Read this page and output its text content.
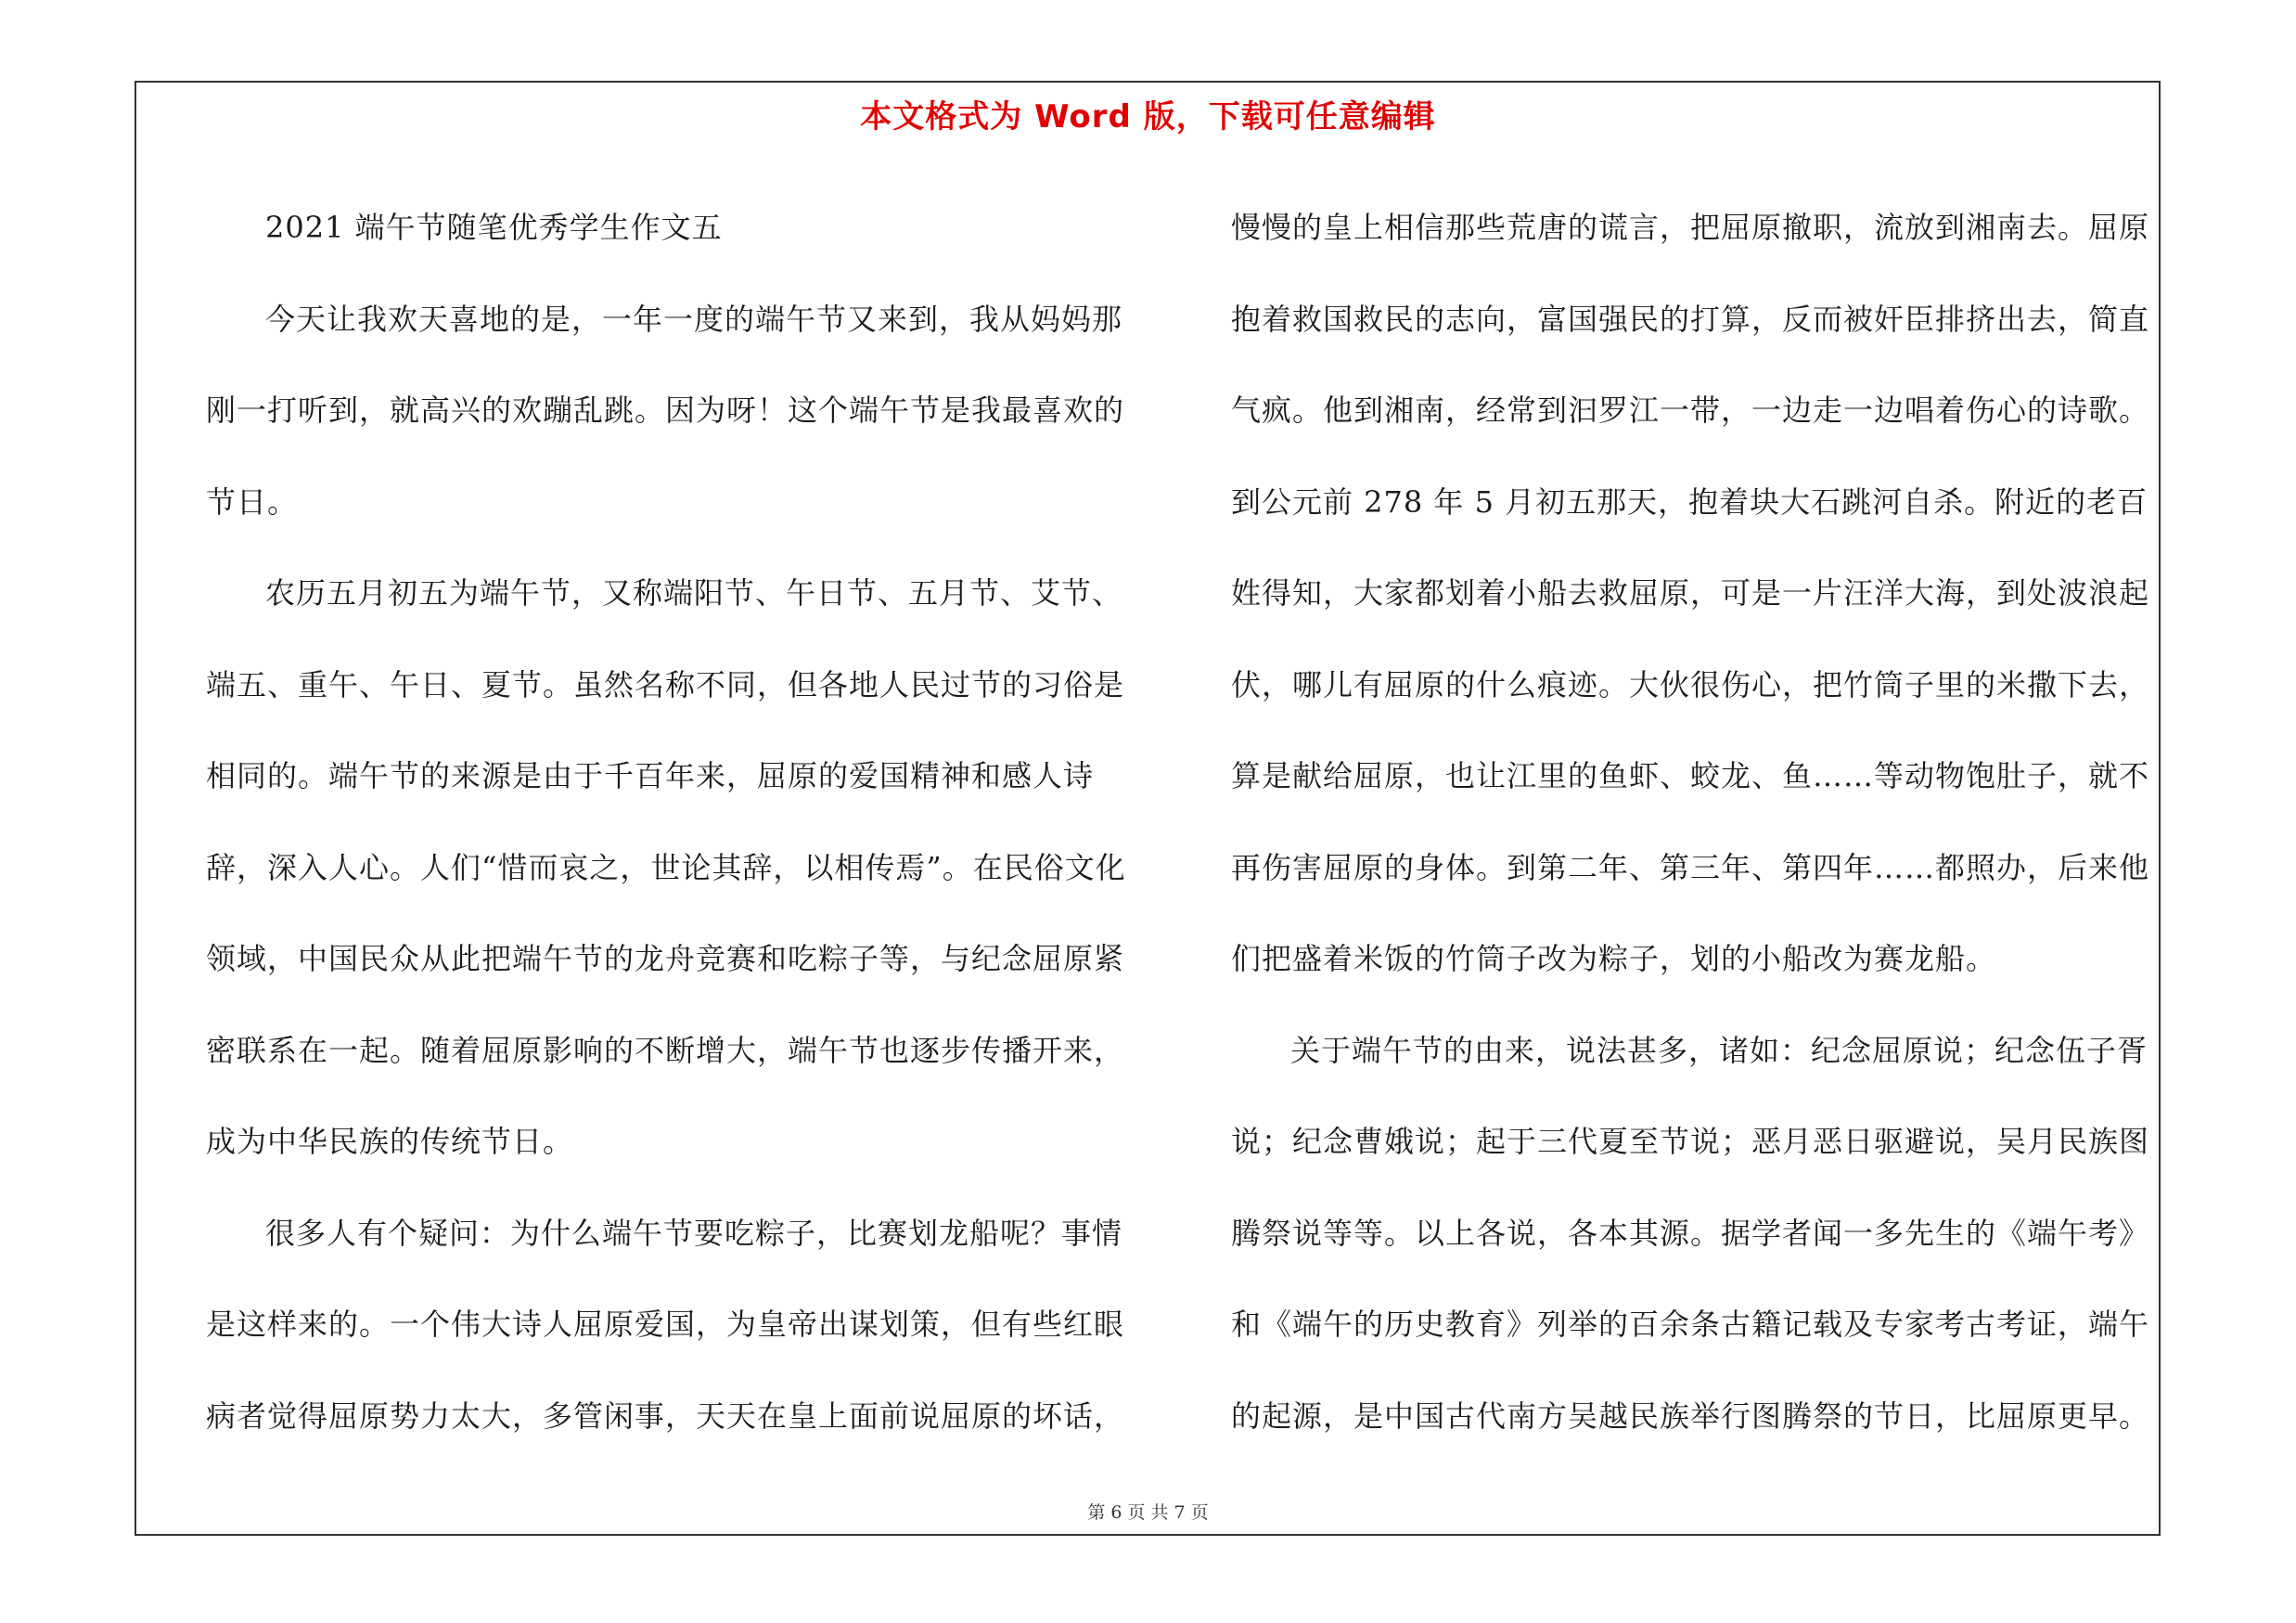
本文格式为 Word 版，下载可任意编辑

2021 端午节随笔优秀学生作文五

今天让我欢天喜地的是，一年一度的端午节又来到，我从妈妈那刚一打听到，就高兴的欢蹦乱跳。因为呀！这个端午节是我最喜欢的节日。

农历五月初五为端午节，又称端阳节、午日节、五月节、艾节、端五、重午、午日、夏节。虽然名称不同，但各地人民过节的习俗是相同的。端午节的来源是由于千百年来，屈原的爱国精神和感人诗辞，深入人心。人们“惜而哀之，世论其辞，以相传焉”。在民俗文化领域，中国民众从此把端午节的龙舟竞赛和吃粽子等，与纪念屈原紧密联系在一起。随着屈原影响的不断增大，端午节也逐步传播开来，成为中华民族的传统节日。

很多人有个疑问：为什么端午节要吃粽子，比赛划龙船呢？事情是这样来的。一个伟大诗人屈原爱国，为皇帝出谋划策，但有些红眼病者觉得屈原势力太大，多管闲事，天天在皇上面前说屈原的坏话，

慢慢的皇上相信那些荒唐的谎言，把屈原撤职，流放到湘南去。屈原抱着救国救民的志向，富国强民的打算，反而被奸臣排挤出去，简直气疯。他到湘南，经常到汩罗江一带，一边走一边唱着伤心的诗歌。到公元前 278 年 5 月初五那天，抱着块大石跳河自杀。附近的老百姓得知，大家都划着小船去救屈原，可是一片汪洋大海，到处波浪起伏，哪儿有屈原的什么痕迹。大伙很伤心，把竹筒子里的米撒下去，算是献给屈原，也让江里的鱼虾、蛟龙、鱼……等动物饱肚子，就不再伤害屈原的身体。到第二年、第三年、第四年……都照办，后来他们把盛着米饭的竹筒子改为粽子，划的小船改为赛龙船。

关于端午节的由来，说法甚多，诸如：纪念屈原说；纪念伍子胥说；纪念曹娥说；起于三代夏至节说；恶月恶日驱避说，吴月民族图腾祭说等等。以上各说，各本其源。据学者闻一多先生的《端午考》和《端午的历史教育》列举的百余条古籍记载及专家考古考证，端午的起源，是中国古代南方吴越民族举行图腾祭的节日，比屈原更早。

第 6 页 共 7 页
